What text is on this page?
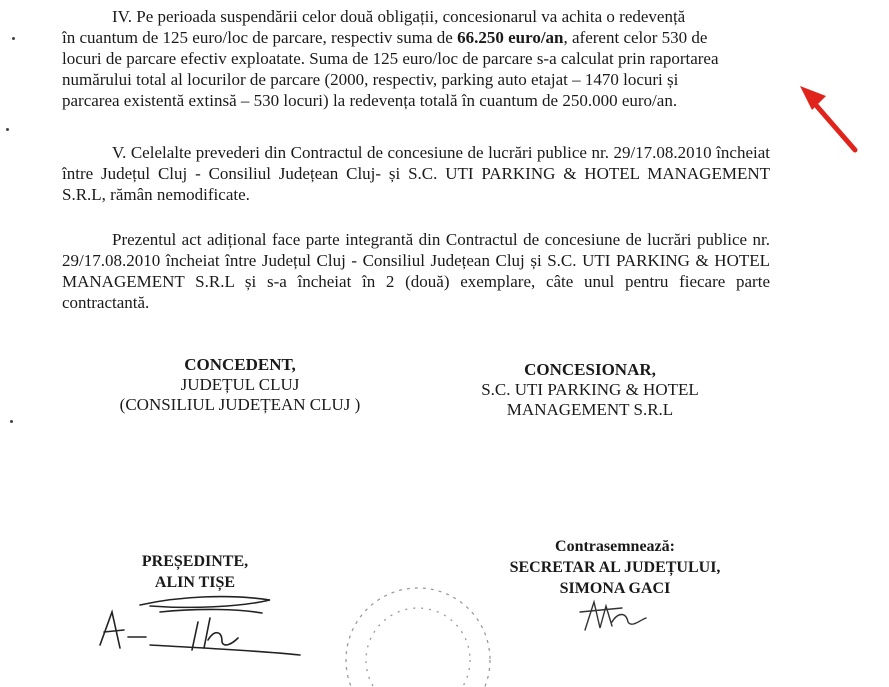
IV. Pe perioada suspendării celor două obligații, concesionarul va achita o redevență

în cuantum de 125 euro/loc de parcare, respectiv suma de 66.250 euro/an, aferent celor 530 de

locuri de parcare efectiv exploatate. Suma de 125 euro/loc de parcare s-a calculat prin raportarea

numărului total al locurilor de parcare (2000, respectiv, parking auto etajat – 1470 locuri și

parcarea existentă extinsă – 530 locuri) la redevența totală în cuantum de 250.000 euro/an.

V. Celelalte prevederi din Contractul de concesiune de lucrări publice nr. 29/17.08.2010 încheiat între Județul Cluj - Consiliul Județean Cluj- și S.C. UTI PARKING & HOTEL MANAGEMENT S.R.L, rămân nemodificate.

Prezentul act adițional face parte integrantă din Contractul de concesiune de lucrări publice nr. 29/17.08.2010 încheiat între Județul Cluj - Consiliul Județean Cluj și S.C. UTI PARKING & HOTEL MANAGEMENT S.R.L și s-a încheiat în 2 (două) exemplare, câte unul pentru fiecare parte contractantă.

CONCEDENT,
JUDEȚUL CLUJ
(CONSILIUL JUDEȚEAN CLUJ )
CONCESIONAR,
S.C. UTI PARKING & HOTEL
MANAGEMENT S.R.L
PREȘEDINTE,
ALIN TIȘE
Contrasemnează:
SECRETAR AL JUDEȚULUI,
SIMONA GACI
